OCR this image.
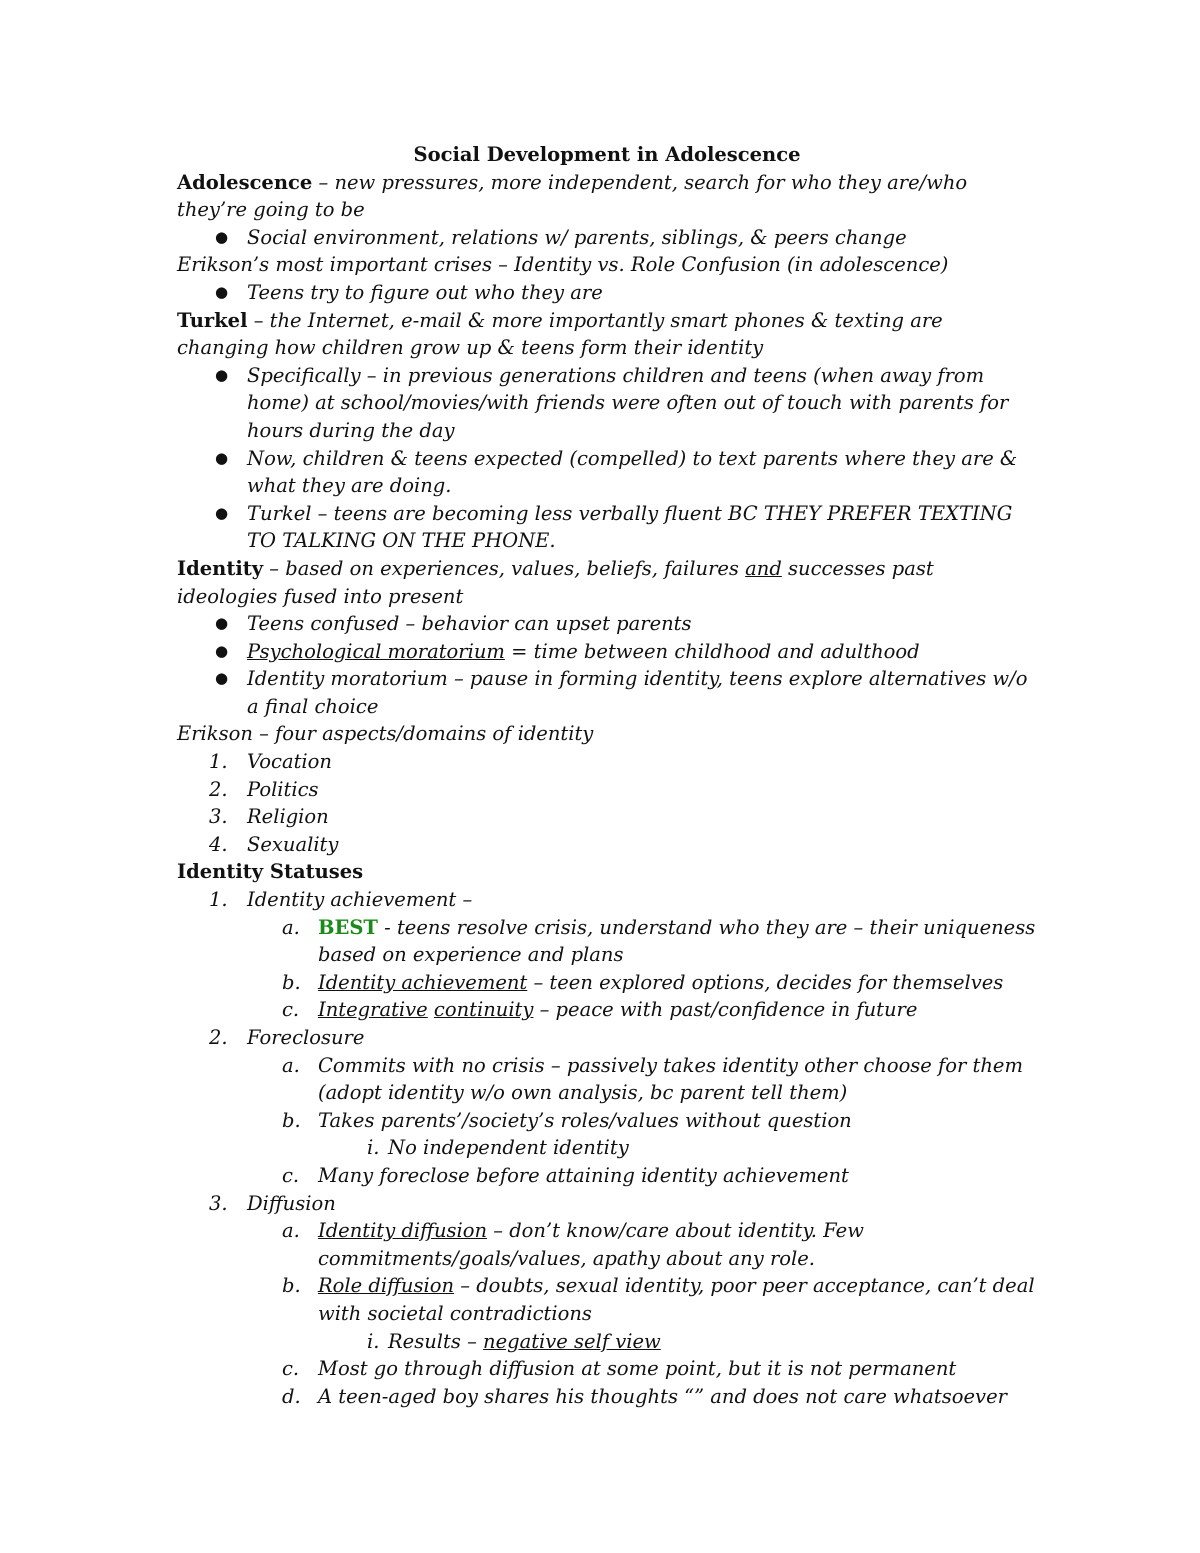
Social Development in Adolescence

Adolescence – new pressures, more independent, search for who they are/who they’re going to be

● Social environment, relations w/ parents, siblings, & peers change

Erikson’s most important crises – Identity vs. Role Confusion (in adolescence)

● Teens try to figure out who they are

Turkel – the Internet, e-mail & more importantly smart phones & texting are changing how children grow up & teens form their identity

● Specifically – in previous generations children and teens (when away from home) at school/movies/with friends were often out of touch with parents for hours during the day

● Now, children & teens expected (compelled) to text parents where they are & what they are doing.

● Turkel – teens are becoming less verbally fluent BC THEY PREFER TEXTING TO TALKING ON THE PHONE.

Identity – based on experiences, values, beliefs, failures and successes past ideologies fused into present

● Teens confused – behavior can upset parents

● Psychological moratorium = time between childhood and adulthood

● Identity moratorium – pause in forming identity, teens explore alternatives w/o a final choice

Erikson – four aspects/domains of identity

1. Vocation

2. Politics

3. Religion

4. Sexuality

Identity Statuses

1. Identity achievement –

a. BEST - teens resolve crisis, understand who they are – their uniqueness based on experience and plans

b. Identity achievement – teen explored options, decides for themselves

c. Integrative continuity – peace with past/confidence in future

2. Foreclosure

a. Commits with no crisis – passively takes identity other choose for them (adopt identity w/o own analysis, bc parent tell them)

b. Takes parents’/society’s roles/values without question

i. No independent identity

c. Many foreclose before attaining identity achievement

3. Diffusion

a. Identity diffusion – don’t know/care about identity. Few commitments/goals/values, apathy about any role.

b. Role diffusion – doubts, sexual identity, poor peer acceptance, can’t deal with societal contradictions

i. Results – negative self view

c. Most go through diffusion at some point, but it is not permanent

d. A teen-aged boy shares his thoughts “” and does not care whatsoever
